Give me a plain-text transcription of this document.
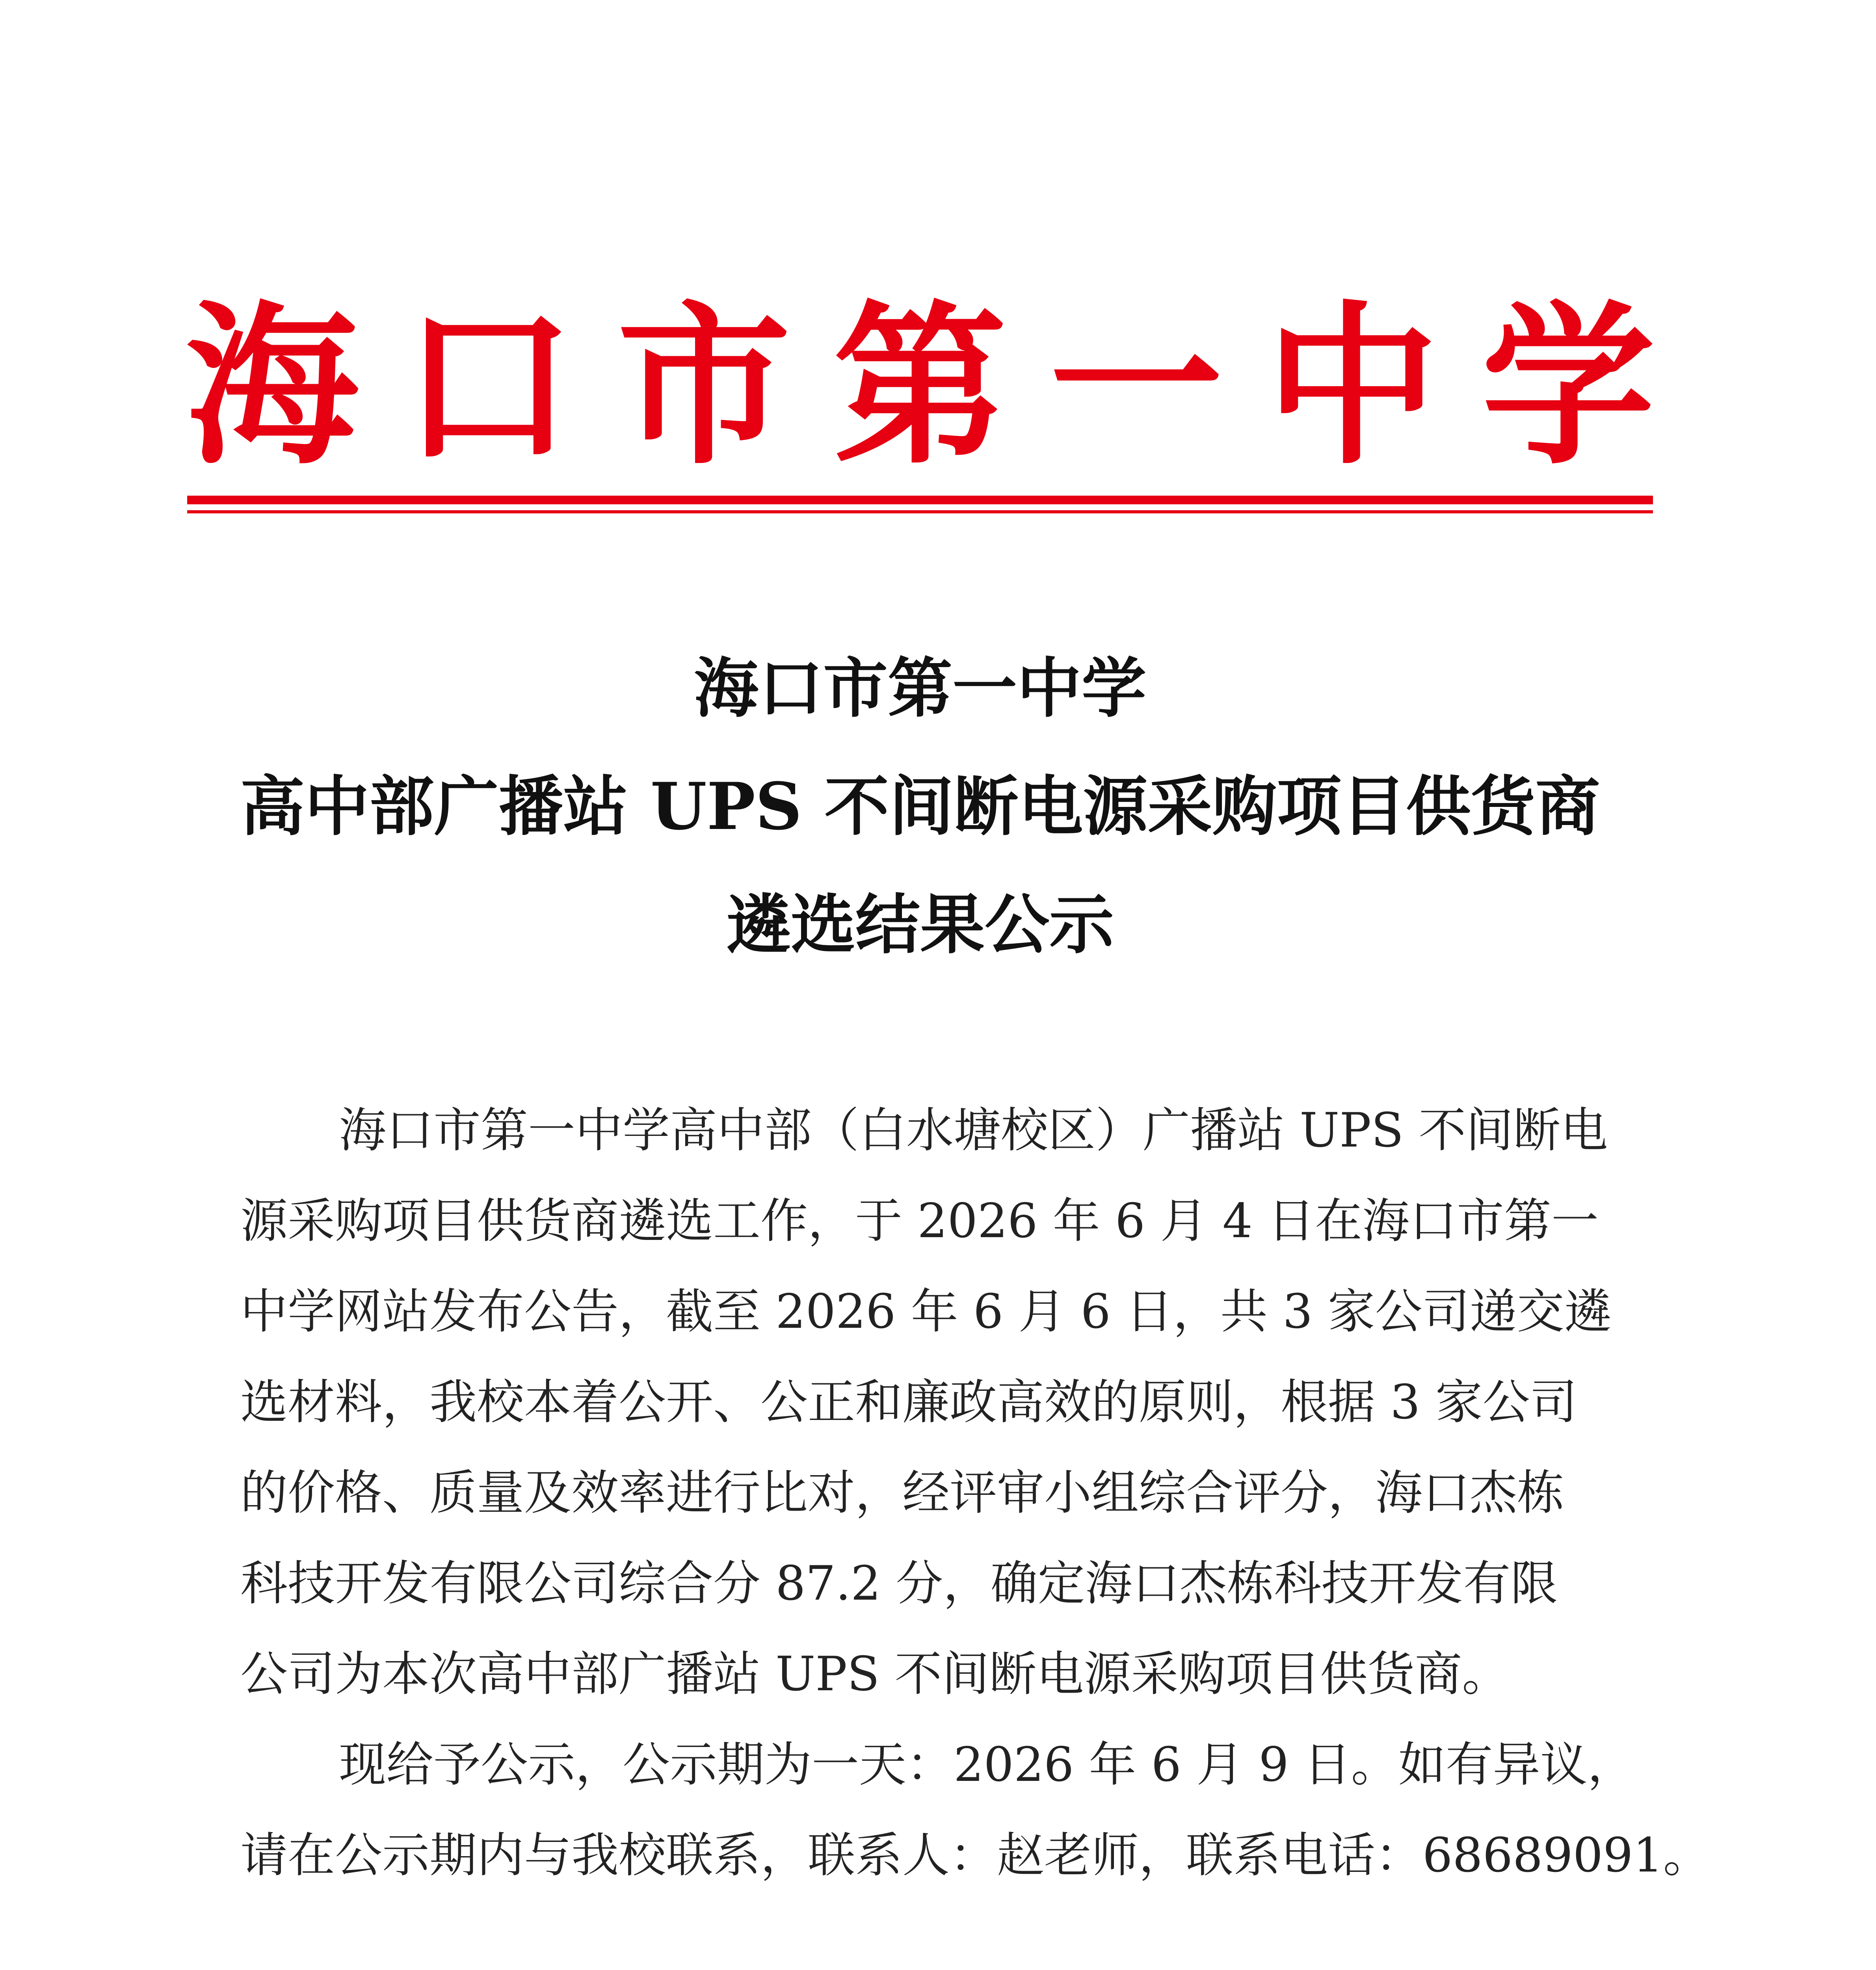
海 口 市 第 一 中 学
海口市第一中学
高中部广播站 UPS 不间断电源采购项目供货商
遴选结果公示
海口市第一中学高中部（白水塘校区）广播站 UPS 不间断电
源采购项目供货商遴选工作，于 2026 年 6 月 4 日在海口市第一
中学网站发布公告，截至 2026 年 6 月 6 日，共 3 家公司递交遴
选材料，我校本着公开、公正和廉政高效的原则，根据 3 家公司
的价格、质量及效率进行比对，经评审小组综合评分，海口杰栋
科技开发有限公司综合分 87.2 分，确定海口杰栋科技开发有限
公司为本次高中部广播站 UPS 不间断电源采购项目供货商。
现给予公示，公示期为一天：2026 年 6 月 9 日。如有异议，
请在公示期内与我校联系，联系人：赵老师，联系电话：68689091。
